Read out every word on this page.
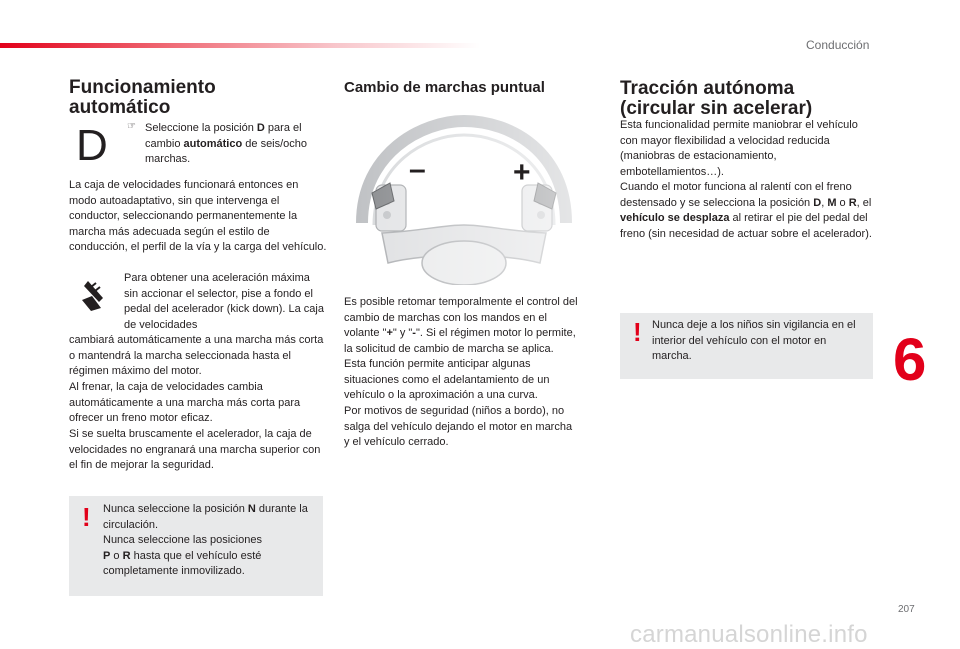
Conducción
Funcionamiento
automático
D ☞ Seleccione la posición D para el cambio automático de seis/ocho marchas.

La caja de velocidades funcionará entonces en modo autoadaptativo, sin que intervenga el conductor, seleccionando permanentemente la marcha más adecuada según el estilo de conducción, el perfil de la vía y la carga del vehículo.

Para obtener una aceleración máxima sin accionar el selector, pise a fondo el pedal del acelerador (kick down). La caja de velocidades

cambiará automáticamente a una marcha más corta o mantendrá la marcha seleccionada hasta el régimen máximo del motor.

Al frenar, la caja de velocidades cambia automáticamente a una marcha más corta para ofrecer un freno motor eficaz.

Si se suelta bruscamente el acelerador, la caja de velocidades no engranará una marcha superior con el fin de mejorar la seguridad.

! Nunca seleccione la posición N durante la circulación.
Nunca seleccione las posiciones
P o R hasta que el vehículo esté completamente inmovilizado.

Cambio de marchas puntual
–	+

Es posible retomar temporalmente el control del cambio de marchas con los mandos en el volante "+" y "-". Si el régimen motor lo permite, la solicitud de cambio de marcha se aplica.

Esta función permite anticipar algunas situaciones como el adelantamiento de un vehículo o la aproximación a una curva.

Por motivos de seguridad (niños a bordo), no salga del vehículo dejando el motor en marcha y el vehículo cerrado.

Tracción autónoma
(circular sin acelerar)

Esta funcionalidad permite maniobrar el vehículo con mayor flexibilidad a velocidad reducida (maniobras de estacionamiento, embotellamientos…).

Cuando el motor funciona al ralentí con el freno destensado y se selecciona la posición D, M o R, el vehículo se desplaza al retirar el pie del pedal del freno (sin necesidad de actuar sobre el acelerador).

! Nunca deje a los niños sin vigilancia en el interior del vehículo con el motor en marcha.	6
207
carmanualsonline.info
